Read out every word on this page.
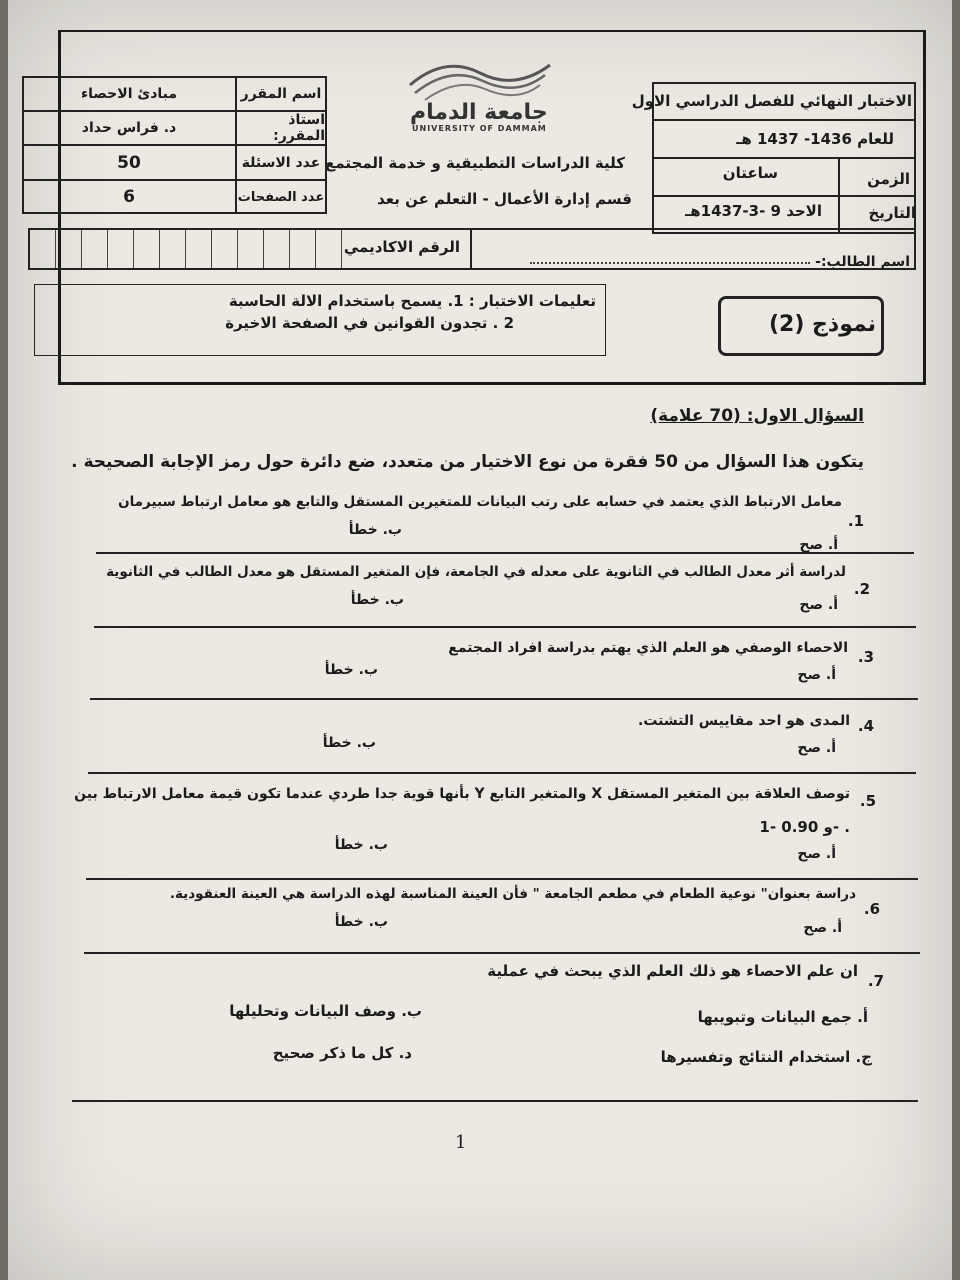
الاختبار النهائي للفصل الدراسي الاول
للعام 1436- 1437 هـ
الزمن
ساعتان
التاريخ
الاحد 9 -3-1437هـ
جامعة الدمام
UNIVERSITY OF DAMMAM
كلية الدراسات التطبيقية و خدمة المجتمع
قسم إدارة الأعمال - التعلم عن بعد
اسم المقرر
مبادئ الاحصاء
استاذ المقرر:
د. فراس حداد
عدد الاسئلة
50
عدد الصفحات
6
اسم الطالب:-
الرقم الاكاديمي
نموذج (2)
تعليمات الاختبار : 1. يسمح باستخدام الالة الحاسبة
2 . تجدون القوانين في الصفحة الاخيرة
السؤال الاول: (70 علامة)
يتكون هذا السؤال من 50 فقرة من نوع الاختيار من متعدد، ضع دائرة حول رمز الإجابة الصحيحة .
1.
معامل الارتباط الذي يعتمد في حسابه على رتب البيانات للمتغيرين المستقل والتابع هو معامل ارتباط سبيرمان
أ. صح
ب. خطأ
2.
لدراسة أثر معدل الطالب في الثانوية على معدله في الجامعة، فإن المتغير المستقل هو معدل الطالب في الثانوية
أ. صح
ب. خطأ
3.
الاحصاء الوصفي هو العلم الذي يهتم بدراسة افراد المجتمع
أ. صح
ب. خطأ
4.
المدى هو احد مقاييس التشتت.
أ. صح
ب. خطأ
5.
توصف العلاقة بين المتغير المستقل X والمتغير التابع Y بأنها قوية جدا طردي عندما تكون قيمة معامل الارتباط بين
1- و 0.90- .
أ. صح
ب. خطأ
6.
دراسة بعنوان" نوعية الطعام في مطعم الجامعة " فأن العينة المناسبة لهذه الدراسة هي العينة العنقودية.
أ. صح
ب. خطأ
7.
ان علم الاحصاء هو ذلك العلم الذي يبحث في عملية
أ. جمع البيانات وتبويبها
ب. وصف البيانات وتحليلها
ج. استخدام النتائج وتفسيرها
د. كل ما ذكر صحيح
1
